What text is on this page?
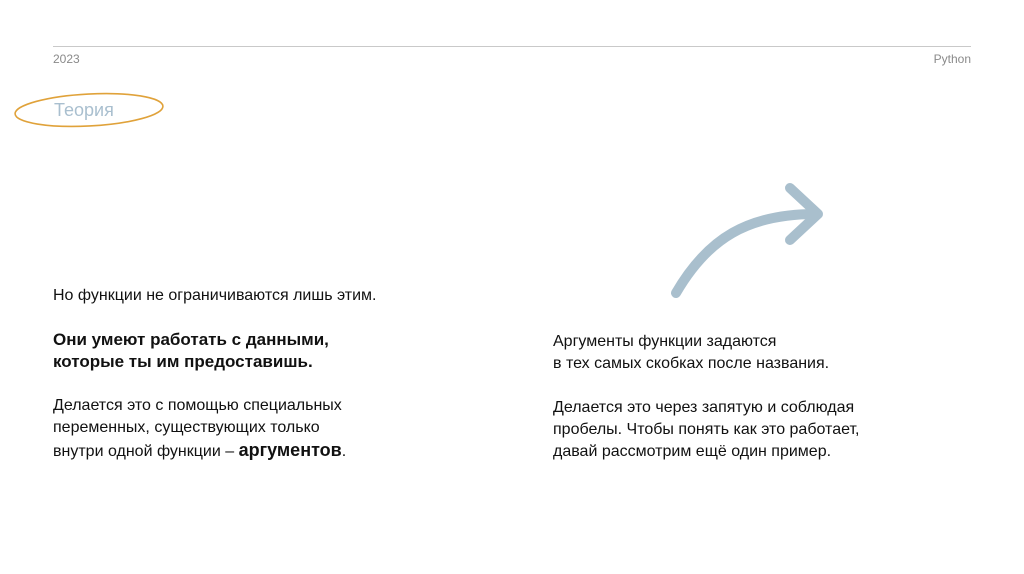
2023	Python
Теория

Но функции не ограничиваются лишь этим.

Они умеют работать с данными,
которые ты им предоставишь.

Делается это с помощью специальных
переменных, существующих только
внутри одной функции – аргументов.

Аргументы функции задаются
в тех самых скобках после названия.

Делается это через запятую и соблюдая
пробелы. Чтобы понять как это работает,
давай рассмотрим ещё один пример.
